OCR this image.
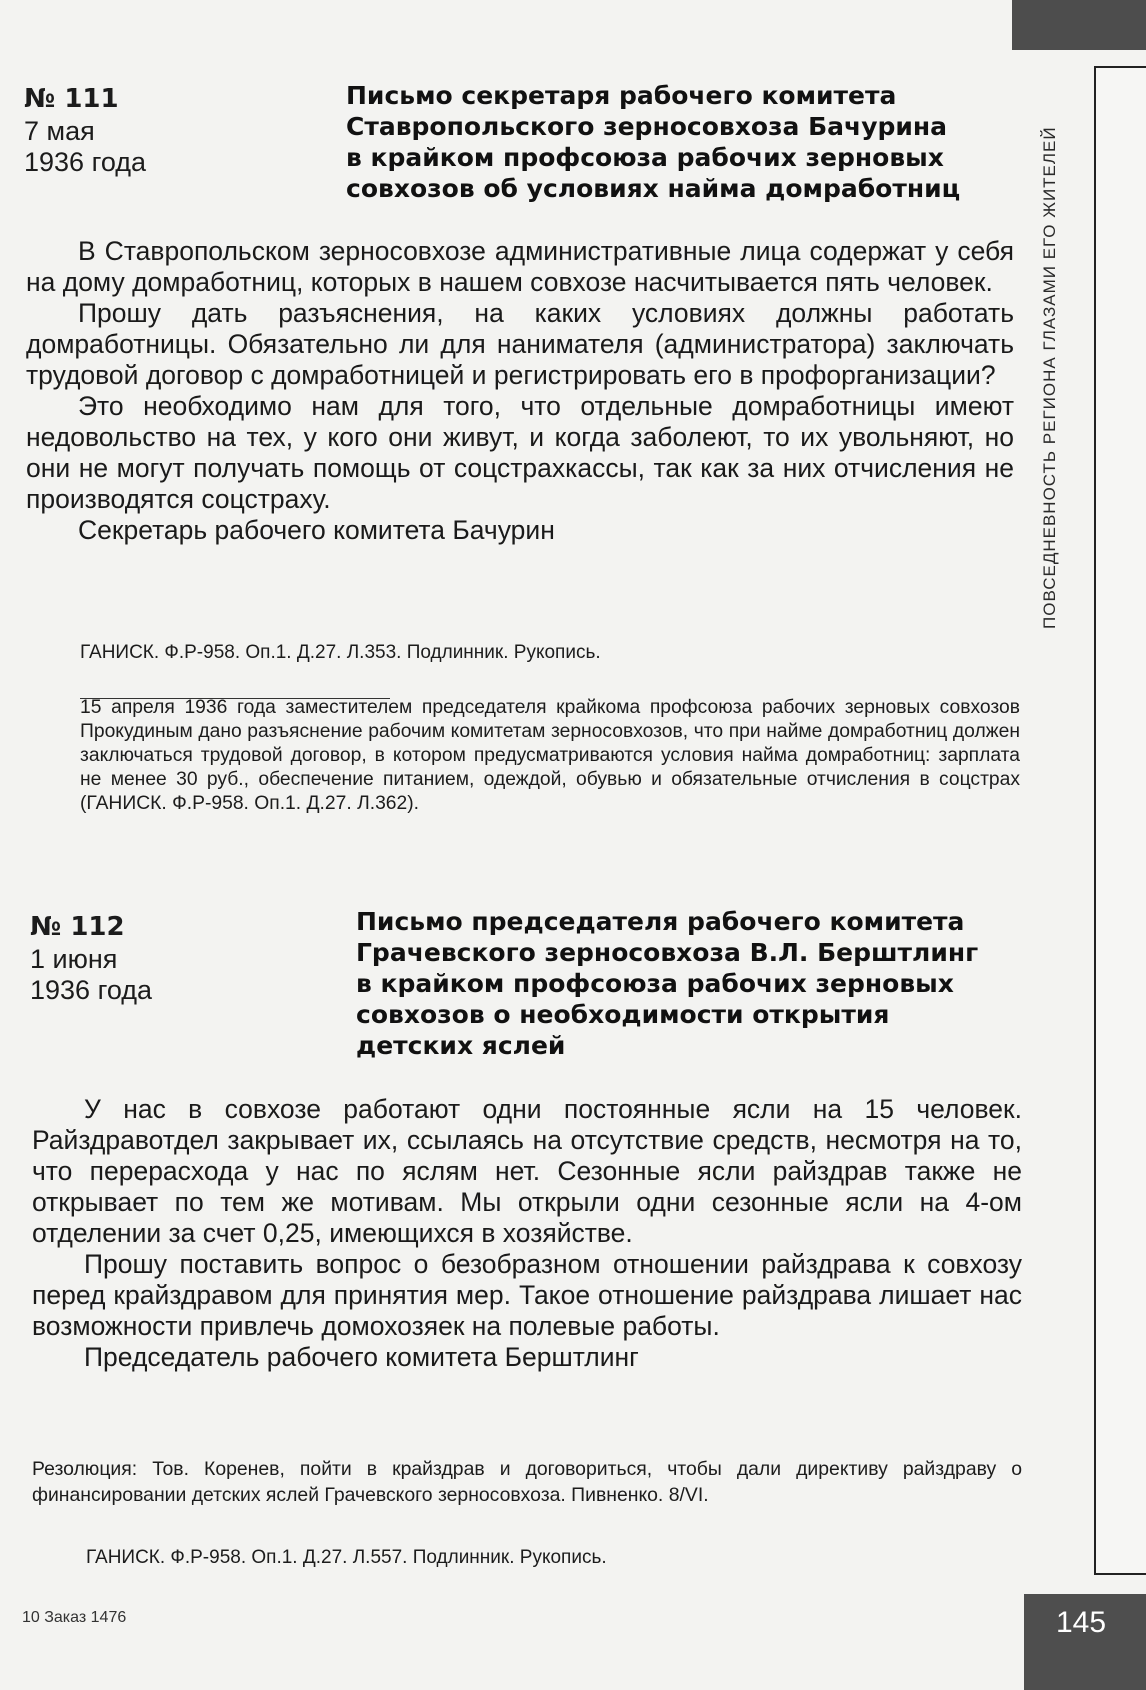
ПОВСЕДНЕВНОСТЬ РЕГИОНА ГЛАЗАМИ ЕГО ЖИТЕЛЕЙ
№ 111
7 мая
1936 года
Письмо секретаря рабочего комитета
Ставропольского зерносовхоза Бачурина
в крайком профсоюза рабочих зерновых
совхозов об условиях найма домработниц

В Ставропольском зерносовхозе административные лица содержат у себя на дому домработниц, которых в нашем совхозе насчитывается пять человек.

Прошу дать разъяснения, на каких условиях должны работать домработницы. Обязательно ли для нанимателя (администратора) заключать трудовой договор с домработницей и регистрировать его в профорганизации?

Это необходимо нам для того, что отдельные домработницы имеют недовольство на тех, у кого они живут, и когда заболеют, то их увольняют, но они не могут получать помощь от соцстрахкассы, так как за них отчисления не производятся соцстраху.

Секретарь рабочего комитета Бачурин

ГАНИСК. Ф.Р-958. Оп.1. Д.27. Л.353. Подлинник. Рукопись.
15 апреля 1936 года заместителем председателя крайкома профсоюза рабочих зерновых совхозов Прокудиным дано разъяснение рабочим комитетам зерносовхозов, что при найме домработниц должен заключаться трудовой договор, в котором предусматриваются условия найма домработниц: зарплата не менее 30 руб., обеспечение питанием, одеждой, обувью и обязательные отчисления в соцстрах (ГАНИСК. Ф.Р-958. Оп.1. Д.27. Л.362).
№ 112
1 июня
1936 года
Письмо председателя рабочего комитета
Грачевского зерносовхоза В.Л. Берштлинг
в крайком профсоюза рабочих зерновых
совхозов о необходимости открытия
детских яслей

У нас в совхозе работают одни постоянные ясли на 15 человек. Райздравотдел закрывает их, ссылаясь на отсутствие средств, несмотря на то, что перерасхода у нас по яслям нет. Сезонные ясли райздрав также не открывает по тем же мотивам. Мы открыли одни сезонные ясли на 4-ом отделении за счет 0,25, имеющихся в хозяйстве.

Прошу поставить вопрос о безобразном отношении райздрава к совхозу перед крайздравом для принятия мер. Такое отношение райздрава лишает нас возможности привлечь домохозяек на полевые работы.

Председатель рабочего комитета Берштлинг

Резолюция: Тов. Коренев, пойти в крайздрав и договориться, чтобы дали директиву райздраву о финансировании детских яслей Грачевского зерносовхоза. Пивненко. 8/VI.
ГАНИСК. Ф.Р-958. Оп.1. Д.27. Л.557. Подлинник. Рукопись.
10 Заказ 1476	145
